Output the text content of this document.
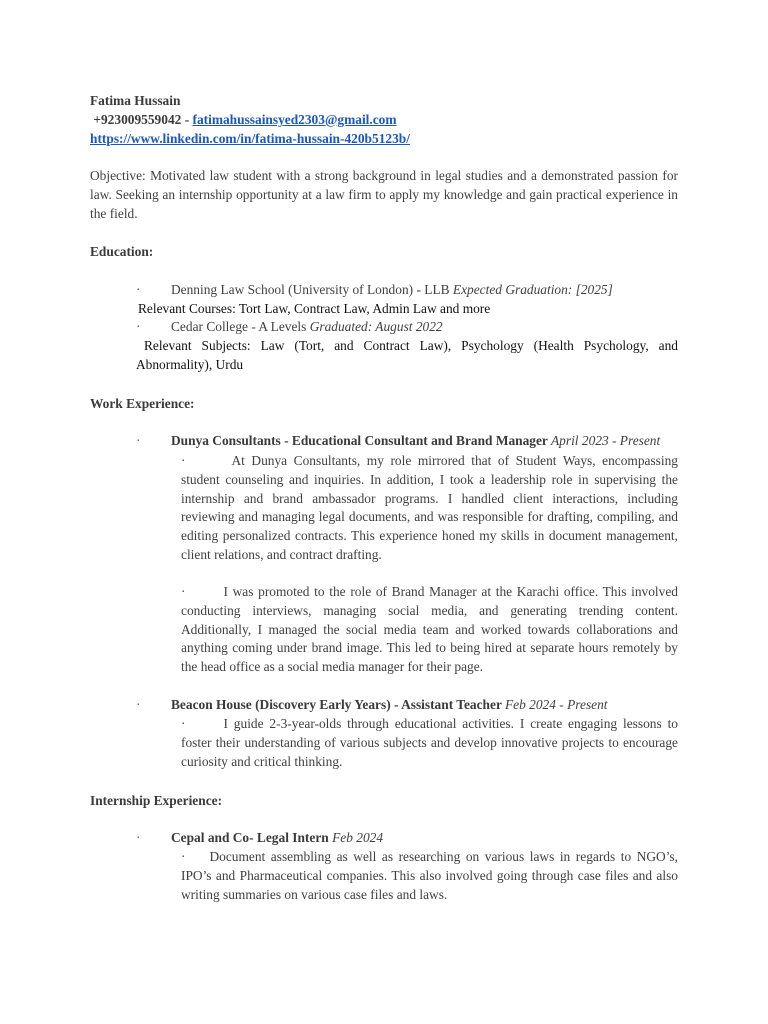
Fatima Hussain
+923009559042 - fatimahussainsyed2303@gmail.com
https://www.linkedin.com/in/fatima-hussain-420b5123b/
Objective: Motivated law student with a strong background in legal studies and a demonstrated passion for law. Seeking an internship opportunity at a law firm to apply my knowledge and gain practical experience in the field.
Education:
· Denning Law School (University of London) - LLB Expected Graduation: [2025]
Relevant Courses: Tort Law, Contract Law, Admin Law and more
· Cedar College - A Levels Graduated: August 2022
Relevant Subjects: Law (Tort, and Contract Law), Psychology (Health Psychology, and Abnormality), Urdu
Work Experience:
· Dunya Consultants - Educational Consultant and Brand Manager April 2023 - Present
·	At Dunya Consultants, my role mirrored that of Student Ways, encompassing student counseling and inquiries. In addition, I took a leadership role in supervising the internship and brand ambassador programs. I handled client interactions, including reviewing and managing legal documents, and was responsible for drafting, compiling, and editing personalized contracts. This experience honed my skills in document management, client relations, and contract drafting.
·	I was promoted to the role of Brand Manager at the Karachi office. This involved conducting interviews, managing social media, and generating trending content. Additionally, I managed the social media team and worked towards collaborations and anything coming under brand image. This led to being hired at separate hours remotely by the head office as a social media manager for their page.
· Beacon House (Discovery Early Years) - Assistant Teacher Feb 2024 - Present
·	I guide 2-3-year-olds through educational activities. I create engaging lessons to foster their understanding of various subjects and develop innovative projects to encourage curiosity and critical thinking.
Internship Experience:
· Cepal and Co- Legal Intern Feb 2024
· Document assembling as well as researching on various laws in regards to NGO’s, IPO’s and Pharmaceutical companies. This also involved going through case files and also writing summaries on various case files and laws.
